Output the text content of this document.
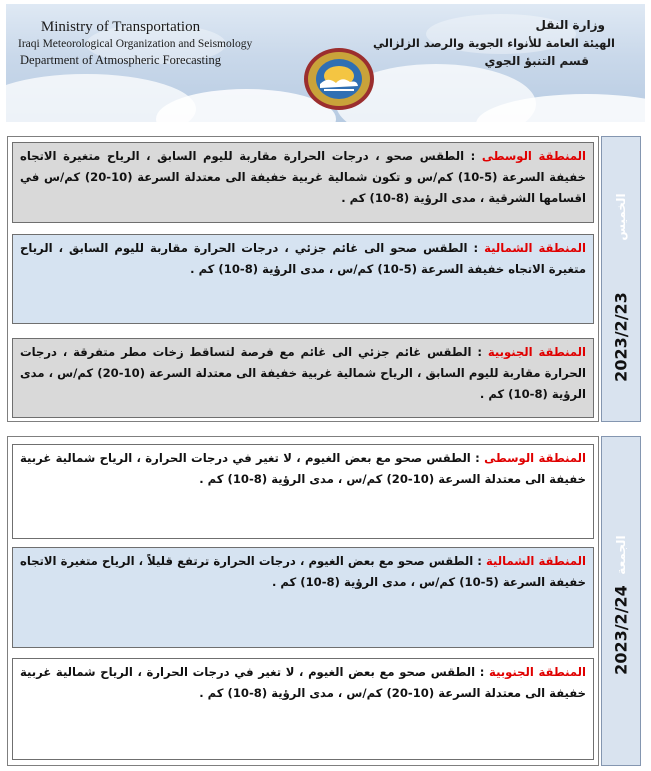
Ministry of Transportation
Iraqi Meteorological Organization and Seismology
Department of Atmospheric Forecasting
وزارة النقل
الهيئة العامة للأنواء الجوية والرصد الزلزالي
قسم التنبؤ الجوي
الخميس
2023/2/23
المنطقة الوسطى : الطقس صحو ، درجات الحرارة مقاربة لليوم السابق ، الرياح متغيرة الاتجاه خفيفة السرعة (5-10) كم/س و تكون شمالية غربية خفيفة الى معتدلة السرعة (10-20) كم/س في اقسامها الشرقية ، مدى الرؤية (8-10) كم .
المنطقة الشمالية : الطقس صحو الى غائم جزئي ، درجات الحرارة مقاربة لليوم السابق ، الرياح متغيرة الاتجاه خفيفة السرعة (5-10) كم/س ، مدى الرؤية (8-10) كم .
المنطقة الجنوبية : الطقس غائم جزئي الى غائم مع فرصة لتساقط زخات مطر متفرقة ، درجات الحرارة مقاربة لليوم السابق ، الرياح شمالية غربية خفيفة الى معتدلة السرعة (10-20) كم/س ، مدى الرؤية (8-10) كم .
الجمعة
2023/2/24
المنطقة الوسطى : الطقس صحو مع بعض الغيوم ، لا تغير في درجات الحرارة ، الرياح شمالية غربية خفيفة الى معتدلة السرعة (10-20) كم/س ، مدى الرؤية (8-10) كم .
المنطقة الشمالية : الطقس صحو مع بعض الغيوم ، درجات الحرارة ترتفع قليلاً ، الرياح متغيرة الاتجاه خفيفة السرعة (5-10) كم/س ، مدى الرؤية (8-10) كم .
المنطقة الجنوبية : الطقس صحو مع بعض الغيوم ، لا تغير في درجات الحرارة ، الرياح شمالية غربية خفيفة الى معتدلة السرعة (10-20) كم/س ، مدى الرؤية (8-10) كم .
